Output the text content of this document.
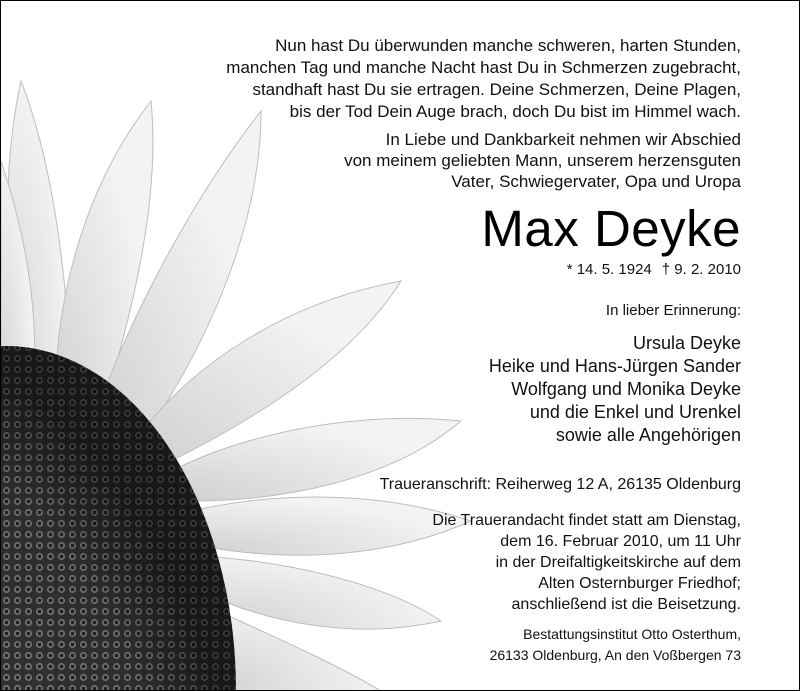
Nun hast Du überwunden manche schweren, harten Stunden,
manchen Tag und manche Nacht hast Du in Schmerzen zugebracht,
standhaft hast Du sie ertragen. Deine Schmerzen, Deine Plagen,
bis der Tod Dein Auge brach, doch Du bist im Himmel wach.
In Liebe und Dankbarkeit nehmen wir Abschied
von meinem geliebten Mann, unserem herzensguten
Vater, Schwiegervater, Opa und Uropa
Max Deyke
* 14. 5. 1924 † 9. 2. 2010
In lieber Erinnerung:
Ursula Deyke
Heike und Hans-Jürgen Sander
Wolfgang und Monika Deyke
und die Enkel und Urenkel
sowie alle Angehörigen
Traueranschrift: Reiherweg 12 A, 26135 Oldenburg
Die Trauerandacht findet statt am Dienstag,
dem 16. Februar 2010, um 11 Uhr
in der Dreifaltigkeitskirche auf dem
Alten Osternburger Friedhof;
anschließend ist die Beisetzung.
Bestattungsinstitut Otto Osterthum,
26133 Oldenburg, An den Voßbergen 73
